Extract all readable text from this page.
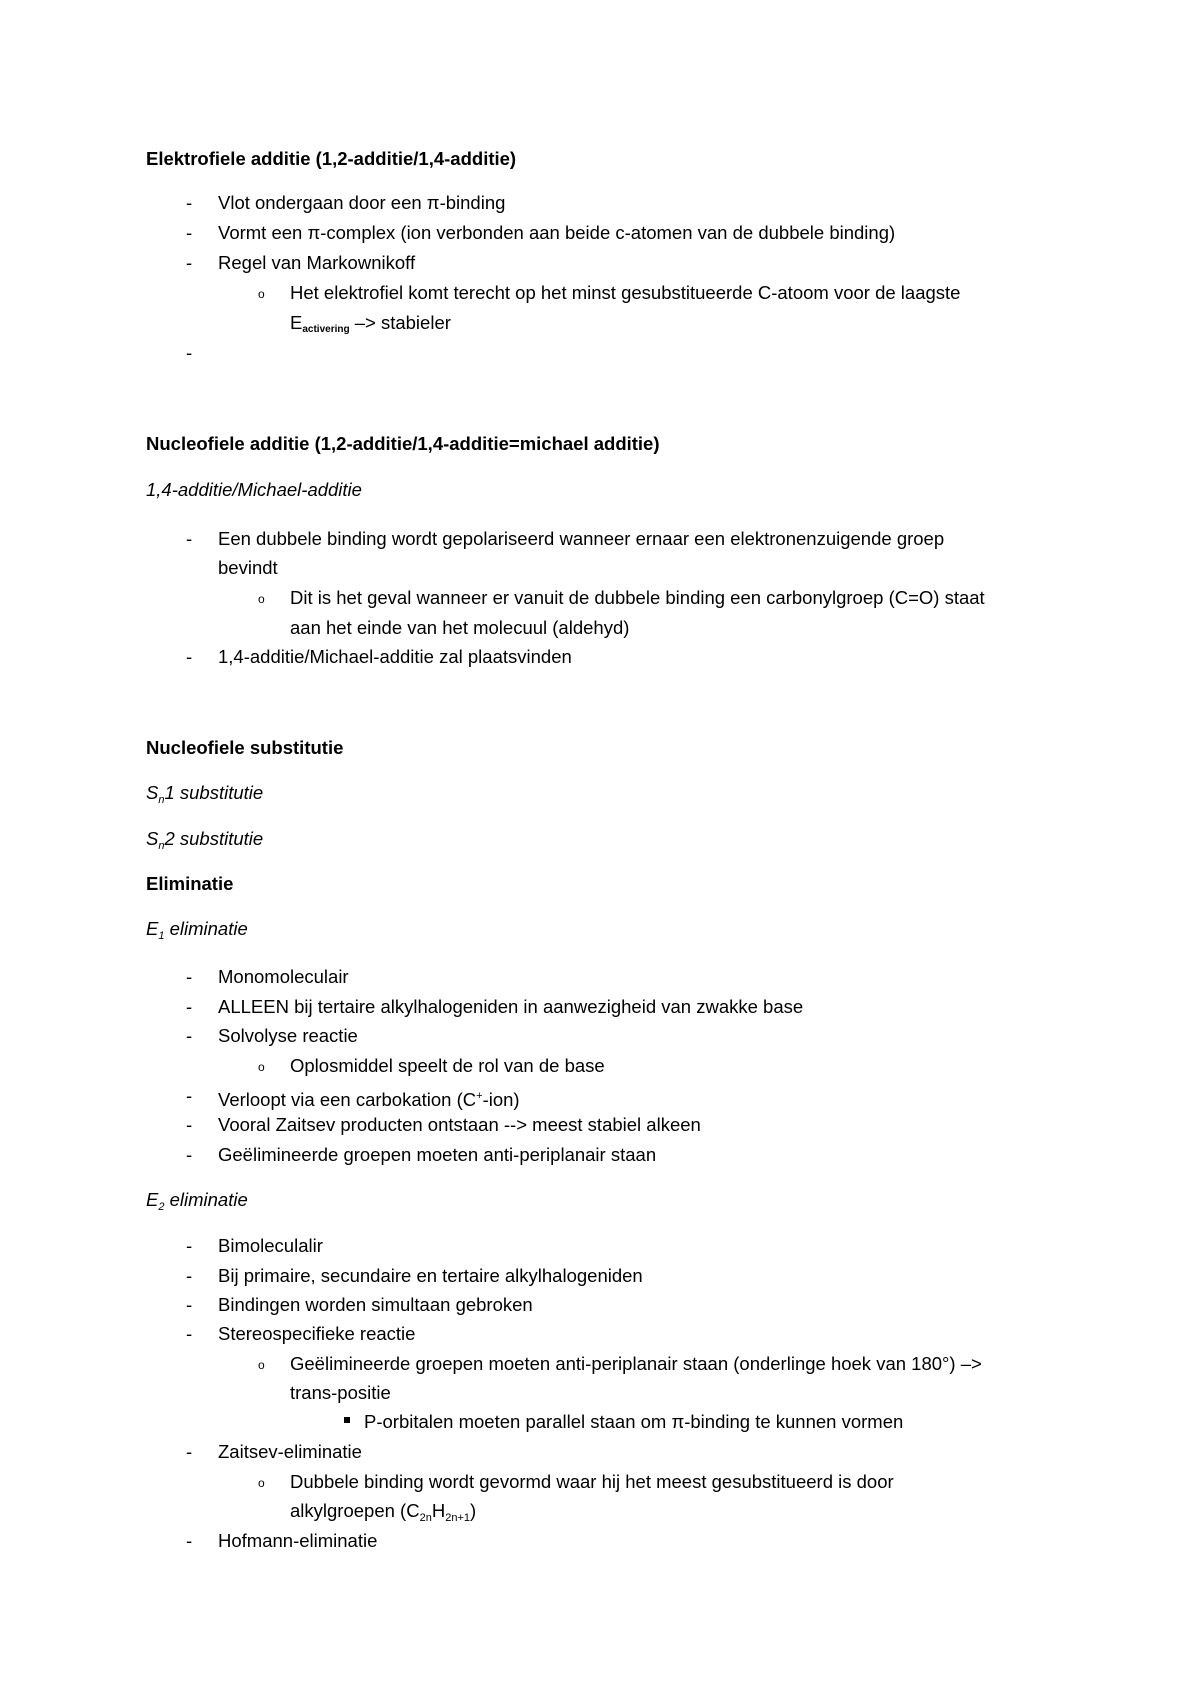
Elektrofiele additie (1,2-additie/1,4-additie)
- Vlot ondergaan door een π-binding
- Vormt een π-complex (ion verbonden aan beide c-atomen van de dubbele binding)
- Regel van Markownikoff
o Het elektrofiel komt terecht op het minst gesubstitueerde C-atoom voor de laagste
Eactivering –> stabieler
-
Nucleofiele additie (1,2-additie/1,4-additie=michael additie)
1,4-additie/Michael-additie
- Een dubbele binding wordt gepolariseerd wanneer ernaar een elektronenzuigende groep
bevindt
o Dit is het geval wanneer er vanuit de dubbele binding een carbonylgroep (C=O) staat
aan het einde van het molecuul (aldehyd)
- 1,4-additie/Michael-additie zal plaatsvinden
Nucleofiele substitutie
$S_n1$ substitutie
$S_n2$ substitutie
Eliminatie
$E_1$ eliminatie
- Monomoleculair
- ALLEEN bij tertaire alkylhalogeniden in aanwezigheid van zwakke base
- Solvolyse reactie
o Oplosmiddel speelt de rol van de base
- Verloopt via een carbokation (C+-ion)
- Vooral Zaitsev producten ontstaan --> meest stabiel alkeen
- Geëlimineerde groepen moeten anti-periplanair staan
$E_2$ eliminatie
- Bimoleculalir
- Bij primaire, secundaire en tertaire alkylhalogeniden
- Bindingen worden simultaan gebroken
- Stereospecifieke reactie
o Geëlimineerde groepen moeten anti-periplanair staan (onderlinge hoek van 180°) –>
trans-positie
P-orbitalen moeten parallel staan om π-binding te kunnen vormen
- Zaitsev-eliminatie
o Dubbele binding wordt gevormd waar hij het meest gesubstitueerd is door
alkylgroepen $(C_{2n}H_{2n+1})$
- Hofmann-eliminatie
